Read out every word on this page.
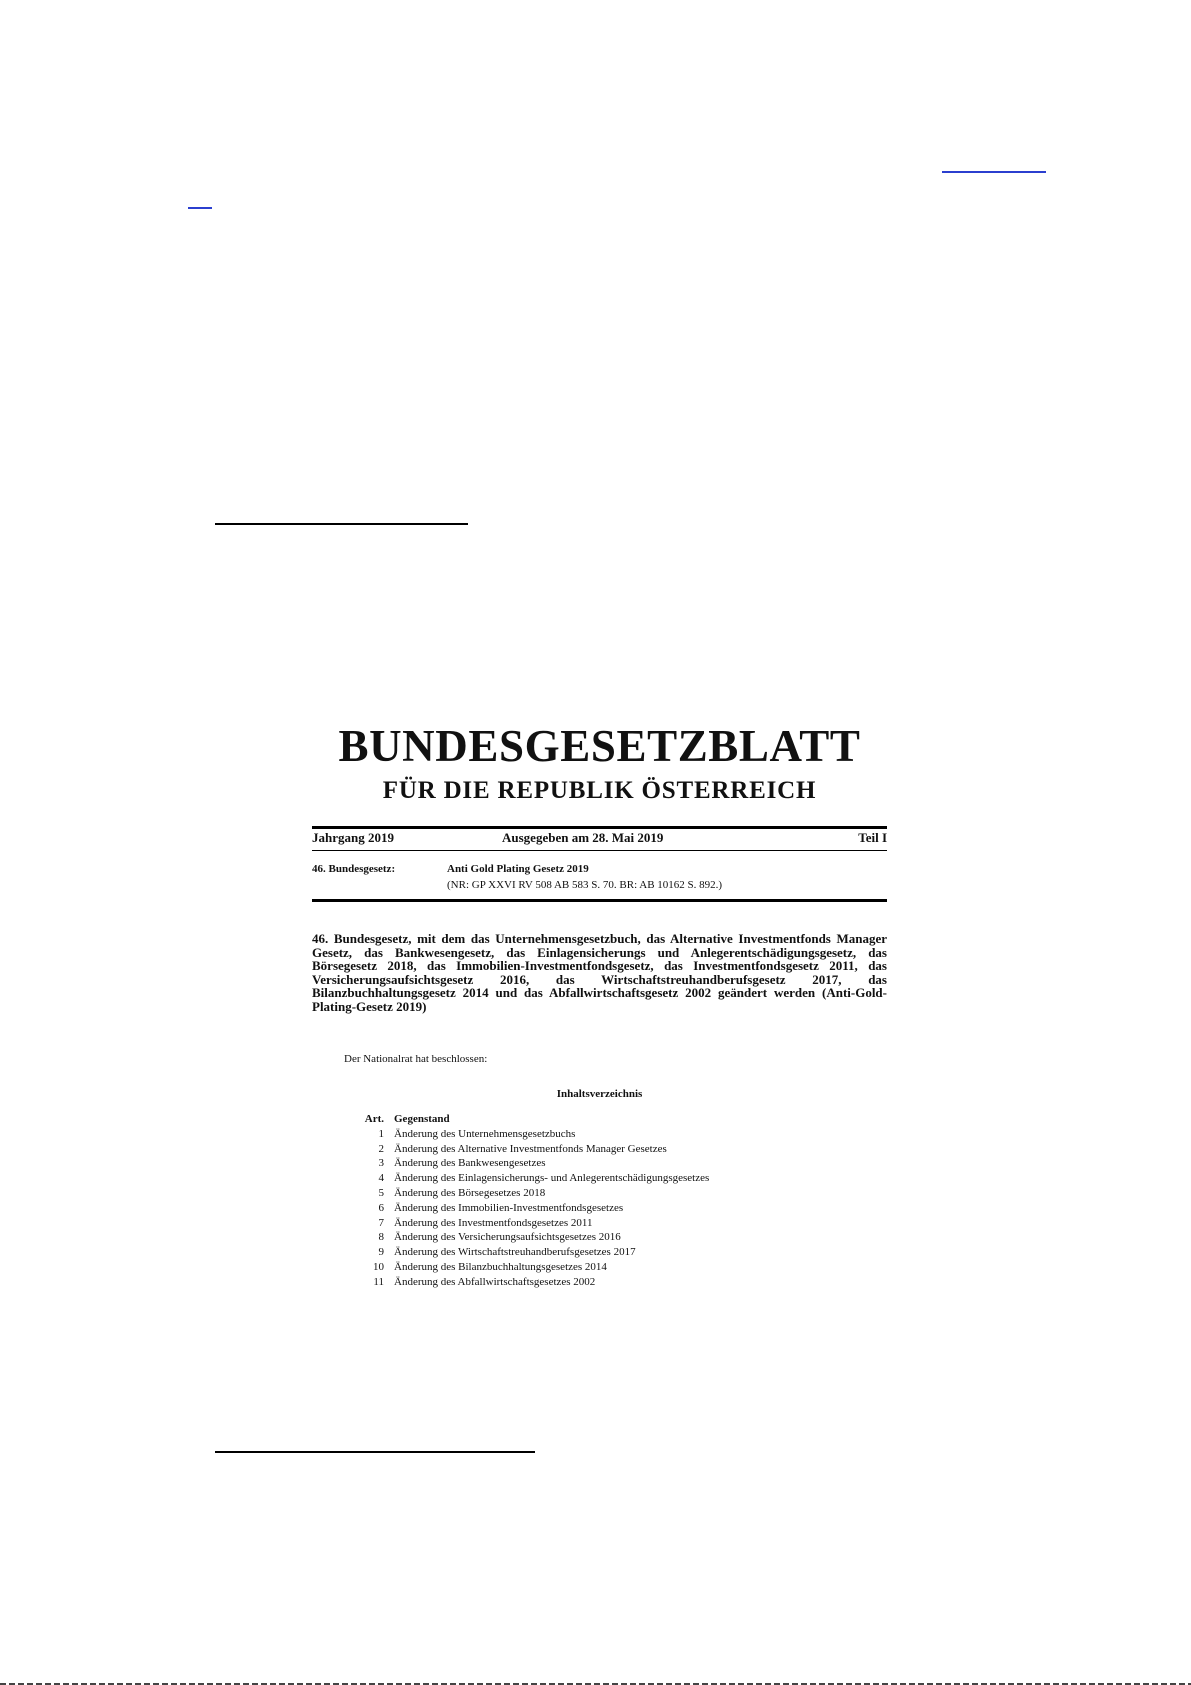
BUNDESGESETZBLATT
FÜR DIE REPUBLIK ÖSTERREICH
Jahrgang 2019	Ausgegeben am 28. Mai 2019	Teil I
46. Bundesgesetz:	Anti Gold Plating Gesetz 2019
(NR: GP XXVI RV 508 AB 583 S. 70. BR: AB 10162 S. 892.)
46. Bundesgesetz, mit dem das Unternehmensgesetzbuch, das Alternative Investmentfonds Manager Gesetz, das Bankwesengesetz, das Einlagensicherungs und Anlegerentschädigungsgesetz, das Börsegesetz 2018, das Immobilien-Investmentfondsgesetz, das Investmentfondsgesetz 2011, das Versicherungsaufsichtsgesetz 2016, das Wirtschaftstreuhandberufsgesetz 2017, das Bilanzbuchhaltungsgesetz 2014 und das Abfallwirtschaftsgesetz 2002 geändert werden (Anti-Gold-Plating-Gesetz 2019)
Der Nationalrat hat beschlossen:
Inhaltsverzeichnis
Art. Gegenstand
1 Änderung des Unternehmensgesetzbuchs
2 Änderung des Alternative Investmentfonds Manager Gesetzes
3 Änderung des Bankwesengesetzes
4 Änderung des Einlagensicherungs- und Anlegerentschädigungsgesetzes
5 Änderung des Börsegesetzes 2018
6 Änderung des Immobilien-Investmentfondsgesetzes
7 Änderung des Investmentfondsgesetzes 2011
8 Änderung des Versicherungsaufsichtsgesetzes 2016
9 Änderung des Wirtschaftstreuhandberufsgesetzes 2017
10 Änderung des Bilanzbuchhaltungsgesetzes 2014
11 Änderung des Abfallwirtschaftsgesetzes 2002
